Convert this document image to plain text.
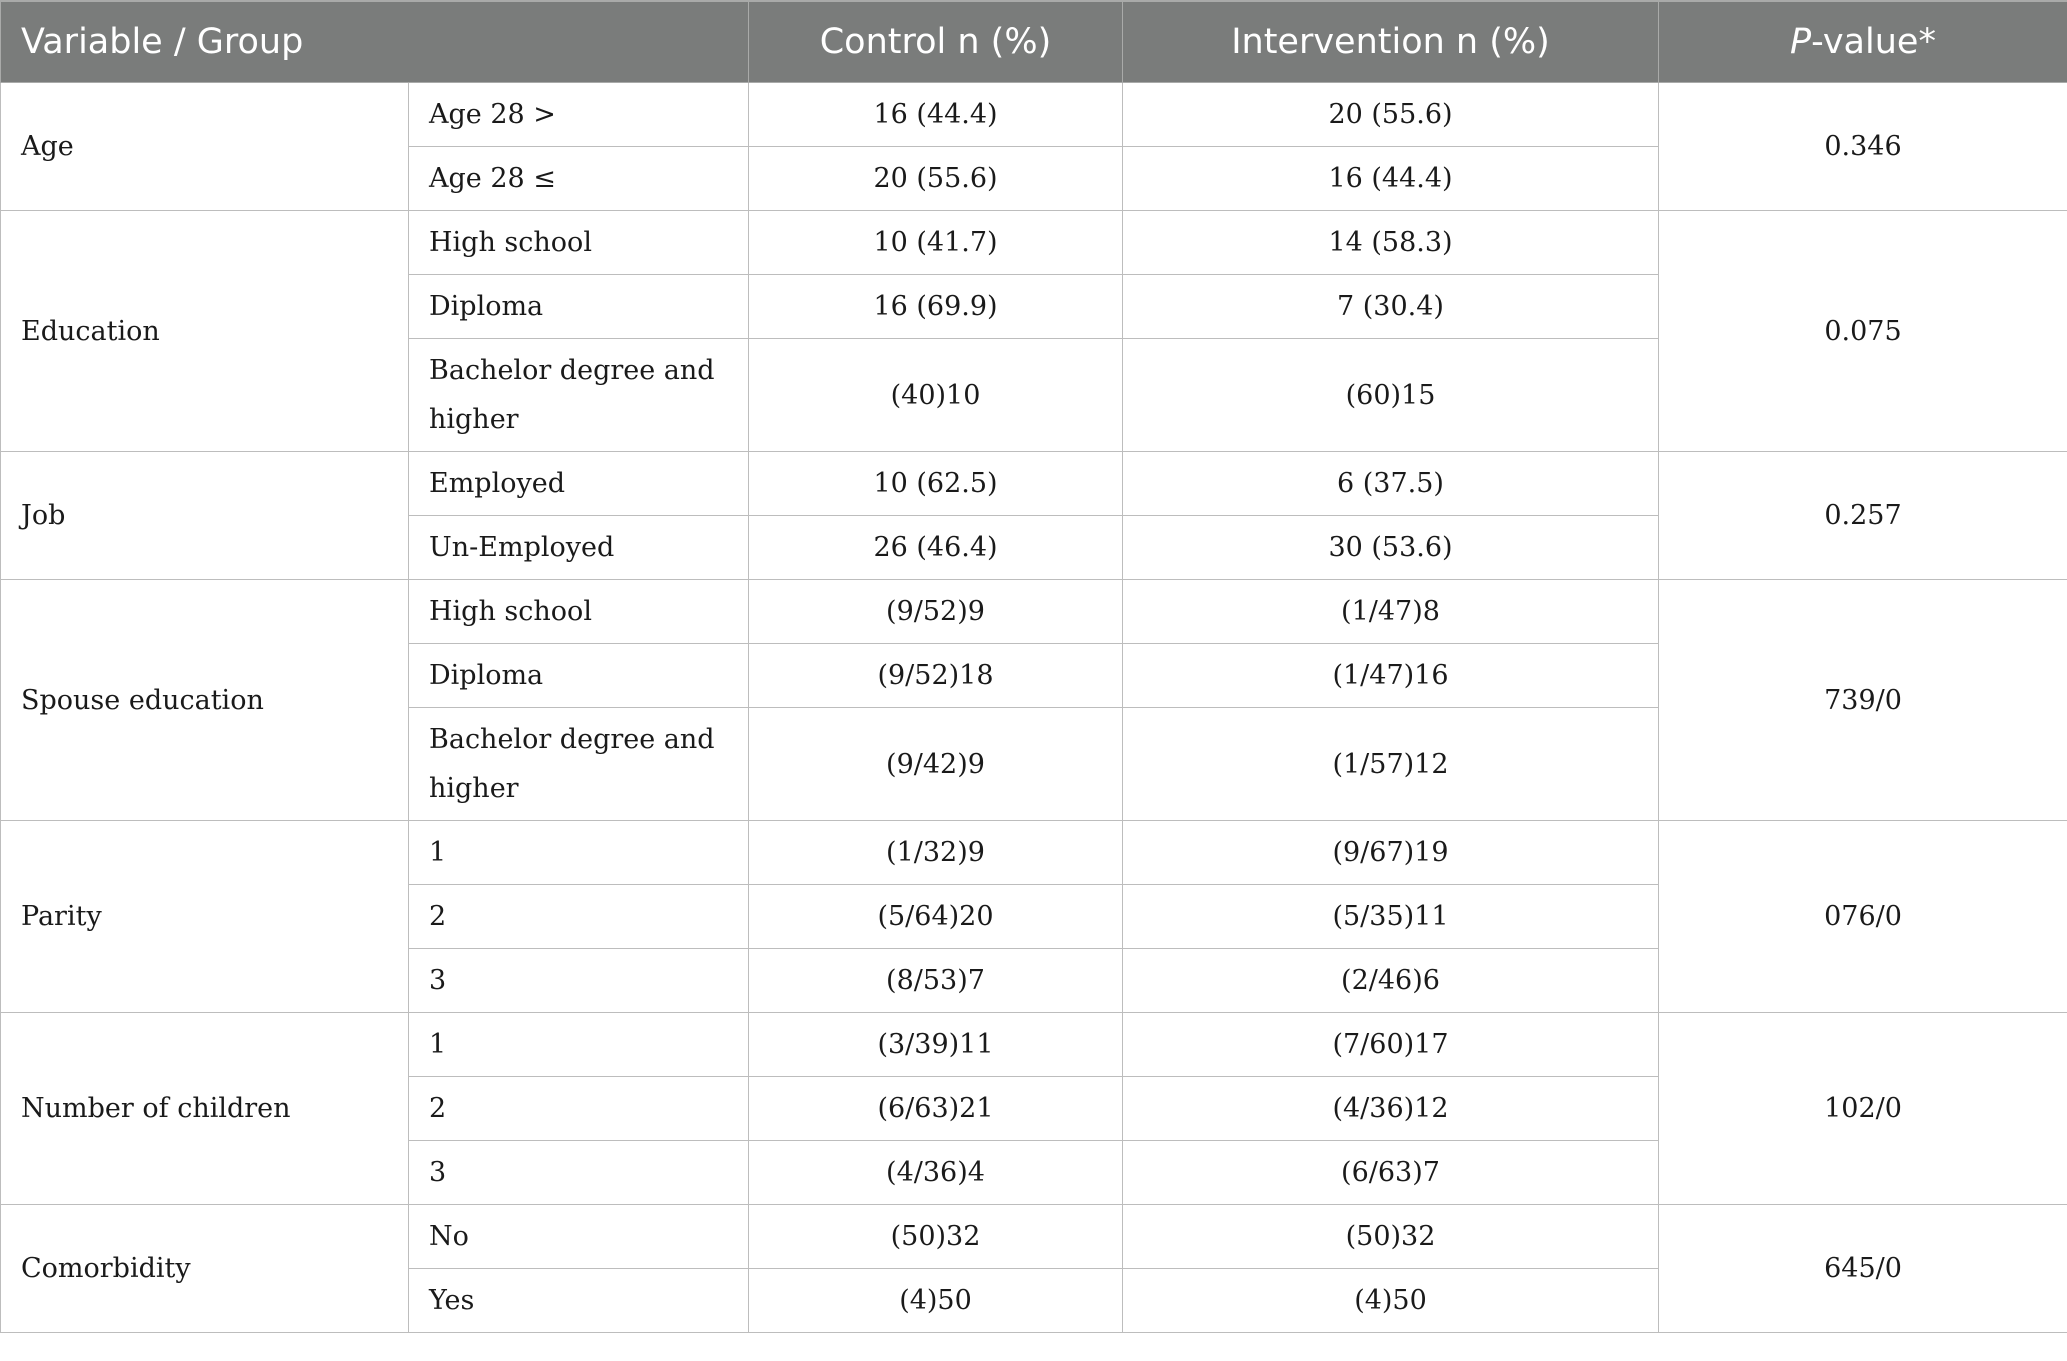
Variable / Group		Control n (%)	Intervention n (%)	P-value*
Age	Age 28 >	16 (44.4)	20 (55.6)	0.346
	Age 28 ≤	20 (55.6)	16 (44.4)	
Education	High school	10 (41.7)	14 (58.3)	0.075
	Diploma	16 (69.9)	7 (30.4)	
	Bachelor degree and higher	(40)10	(60)15	
Job	Employed	10 (62.5)	6 (37.5)	0.257
	Un-Employed	26 (46.4)	30 (53.6)	
Spouse education	High school	(9/52)9	(1/47)8	739/0
	Diploma	(9/52)18	(1/47)16	
	Bachelor degree and higher	(9/42)9	(1/57)12	
Parity	1	(1/32)9	(9/67)19	076/0
	2	(5/64)20	(5/35)11	
	3	(8/53)7	(2/46)6	
Number of children	1	(3/39)11	(7/60)17	102/0
	2	(6/63)21	(4/36)12	
	3	(4/36)4	(6/63)7	
Comorbidity	No	(50)32	(50)32	645/0
	Yes	(4)50	(4)50	
